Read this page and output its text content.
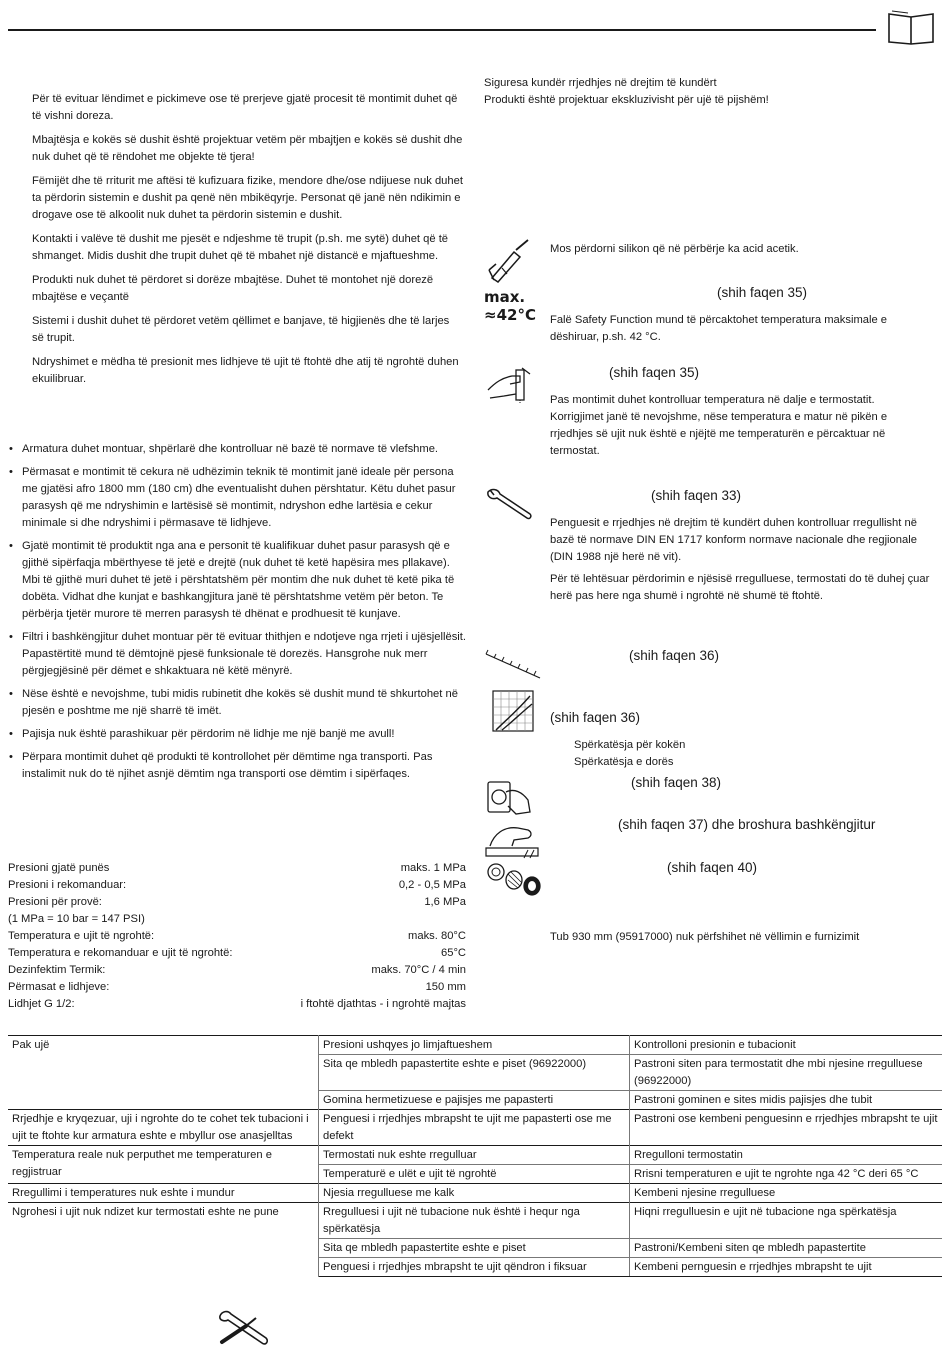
Për të evituar lëndimet e pickimeve ose të prerjeve gjatë procesit të montimit duhet që të vishni doreza.

Mbajtësja e kokës së dushit është projektuar vetëm për mbajtjen e kokës së dushit dhe nuk duhet që të rëndohet me objekte të tjera!

Fëmijët dhe të rriturit me aftësi të kufizuara fizike, mendore dhe/ose ndijuese nuk duhet ta përdorin sistemin e dushit pa qenë nën mbikëqyrje. Personat që janë nën ndikimin e drogave ose të alkoolit nuk duhet ta përdorin sistemin e dushit.

Kontakti i valëve të dushit me pjesët e ndjeshme të trupit (p.sh. me sytë) duhet që të shmanget. Midis dushit dhe trupit duhet që të mbahet një distancë e mjaftueshme.

Produkti nuk duhet të përdoret si dorëze mbajtëse. Duhet të montohet një dorezë mbajtëse e veçantë

Sistemi i dushit duhet të përdoret vetëm qëllimet e banjave, të higjienës dhe të larjes së trupit.

Ndryshimet e mëdha të presionit mes lidhjeve të ujit të ftohtë dhe atij të ngrohtë duhen ekuilibruar.

• Armatura duhet montuar, shpërlarë dhe kontrolluar në bazë të normave të vlefshme.
• Përmasat e montimit të cekura në udhëzimin teknik të montimit janë ideale për persona me gjatësi afro 1800 mm (180 cm) dhe eventualisht duhen përshtatur. Këtu duhet pasur parasysh që me ndryshimin e lartësisë së montimit, ndryshon edhe lartësia e cekur minimale si dhe ndryshimi i përmasave të lidhjeve.
• Gjatë montimit të produktit nga ana e personit të kualifikuar duhet pasur parasysh që e gjithë sipërfaqja mbërthyese të jetë e drejtë (nuk duhet të ketë hapësira mes pllakave). Mbi të gjithë muri duhet të jetë i përshtatshëm për montim dhe nuk duhet të ketë pika të dobëta. Vidhat dhe kunjat e bashkangjitura janë të përshtatshme vetëm për beton. Te përbërja tjetër murore të merren parasysh të dhënat e prodhuesit të kunjave.
• Filtri i bashkëngjitur duhet montuar për të evituar thithjen e ndotjeve nga rrjeti i ujësjellësit. Papastërtitë mund të dëmtojnë pjesë funksionale të dorezës. Hansgrohe nuk merr përgjegjësinë për dëmet e shkaktuara në këtë mënyrë.
• Nëse është e nevojshme, tubi midis rubinetit dhe kokës së dushit mund të shkurtohet në pjesën e poshtme me një sharrë të imët.
• Pajisja nuk është parashikuar për përdorim në lidhje me një banjë me avull!
• Përpara montimit duhet që produkti të kontrollohet për dëmtime nga transporti. Pas instalimit nuk do të njihet asnjë dëmtim nga transporti ose dëmtim i sipërfaqes.
Presioni gjatë punës	maks. 1 MPa
Presioni i rekomanduar:	0,2 - 0,5 MPa
Presioni për provë:	1,6 MPa
(1 MPa = 10 bar = 147 PSI)	
Temperatura e ujit të ngrohtë:	maks. 80°C
Temperatura e rekomanduar e ujit të ngrohtë:	65°C
Dezinfektim Termik:	maks. 70°C / 4 min
Përmasat e lidhjeve:	150 mm
Lidhjet G 1/2:	i ftohtë djathtas - i ngrohtë majtas
Siguresa kundër rrjedhjes në drejtim të kundërt
Produkti është projektuar ekskluzivisht për ujë të pijshëm!
Mos përdorni silikon që në përbërje ka acid acetik.
max.
≈42°C
(shih faqen 35)
Falë Safety Function mund të përcaktohet temperatura maksimale e dëshiruar, p.sh. 42 °C.
(shih faqen 35)
Pas montimit duhet kontrolluar temperatura në dalje e termostatit. Korrigjimet janë të nevojshme, nëse temperatura e matur në pikën e rrjedhjes së ujit nuk është e njëjtë me temperaturën e përcaktuar në termostat.
(shih faqen 33)
Penguesit e rrjedhjes në drejtim të kundërt duhen kontrolluar rregullisht në bazë të normave DIN EN 1717 konform normave nacionale dhe regjionale (DIN 1988 një herë në vit).
Për të lehtësuar përdorimin e njësisë rregulluese, termostati do të duhej çuar herë pas here nga shumë i ngrohtë në shumë të ftohtë.
(shih faqen 36)
(shih faqen 36)
Spërkatësja për kokën
Spërkatësja e dorës
(shih faqen 38)
(shih faqen 37) dhe broshura bashkëngjitur
(shih faqen 40)
Tub 930 mm (95917000) nuk përfshihet në vëllimin e furnizimit
Pak ujë	Presioni ushqyes jo limjaftueshem	Kontrolloni presionin e tubacionit
	Sita qe mbledh papastertite eshte e piset (96922000)	Pastroni siten para termostatit dhe mbi njesine rregulluese (96922000)
	Gomina hermetizuese e pajisjes me papasterti	Pastroni gominen e sites midis pajisjes dhe tubit
Rrjedhje e kryqezuar, uji i ngrohte do te cohet tek tubacioni i ujit te ftohte kur armatura eshte e mbyllur ose anasjelltas	Penguesi i rrjedhjes mbrapsht te ujit me papasterti ose me defekt	Pastroni ose kembeni penguesinn e rrjedhjes mbrapsht te ujit
Temperatura reale nuk perputhet me temperaturen e regjistruar	Termostati nuk eshte rregulluar	Rregulloni termostatin
	Temperaturë e ulët e ujit të ngrohtë	Rrisni temperaturen e ujit te ngrohte nga 42 °C deri 65 °C
Rregullimi i temperatures nuk eshte i mundur	Njesia rregulluese me kalk	Kembeni njesine rregulluese
Ngrohesi i ujit nuk ndizet kur termostati eshte ne pune	Rregulluesi i ujit në tubacione nuk është i hequr nga spërkatësja	Hiqni rregulluesin e ujit në tubacione nga spërkatësja
	Sita qe mbledh papastertite eshte e piset	Pastroni/Kembeni siten qe mbledh papastertite
	Penguesi i rrjedhjes mbrapsht te ujit qëndron i fiksuar	Kembeni pernguesin e rrjedhjes mbrapsht te ujit
